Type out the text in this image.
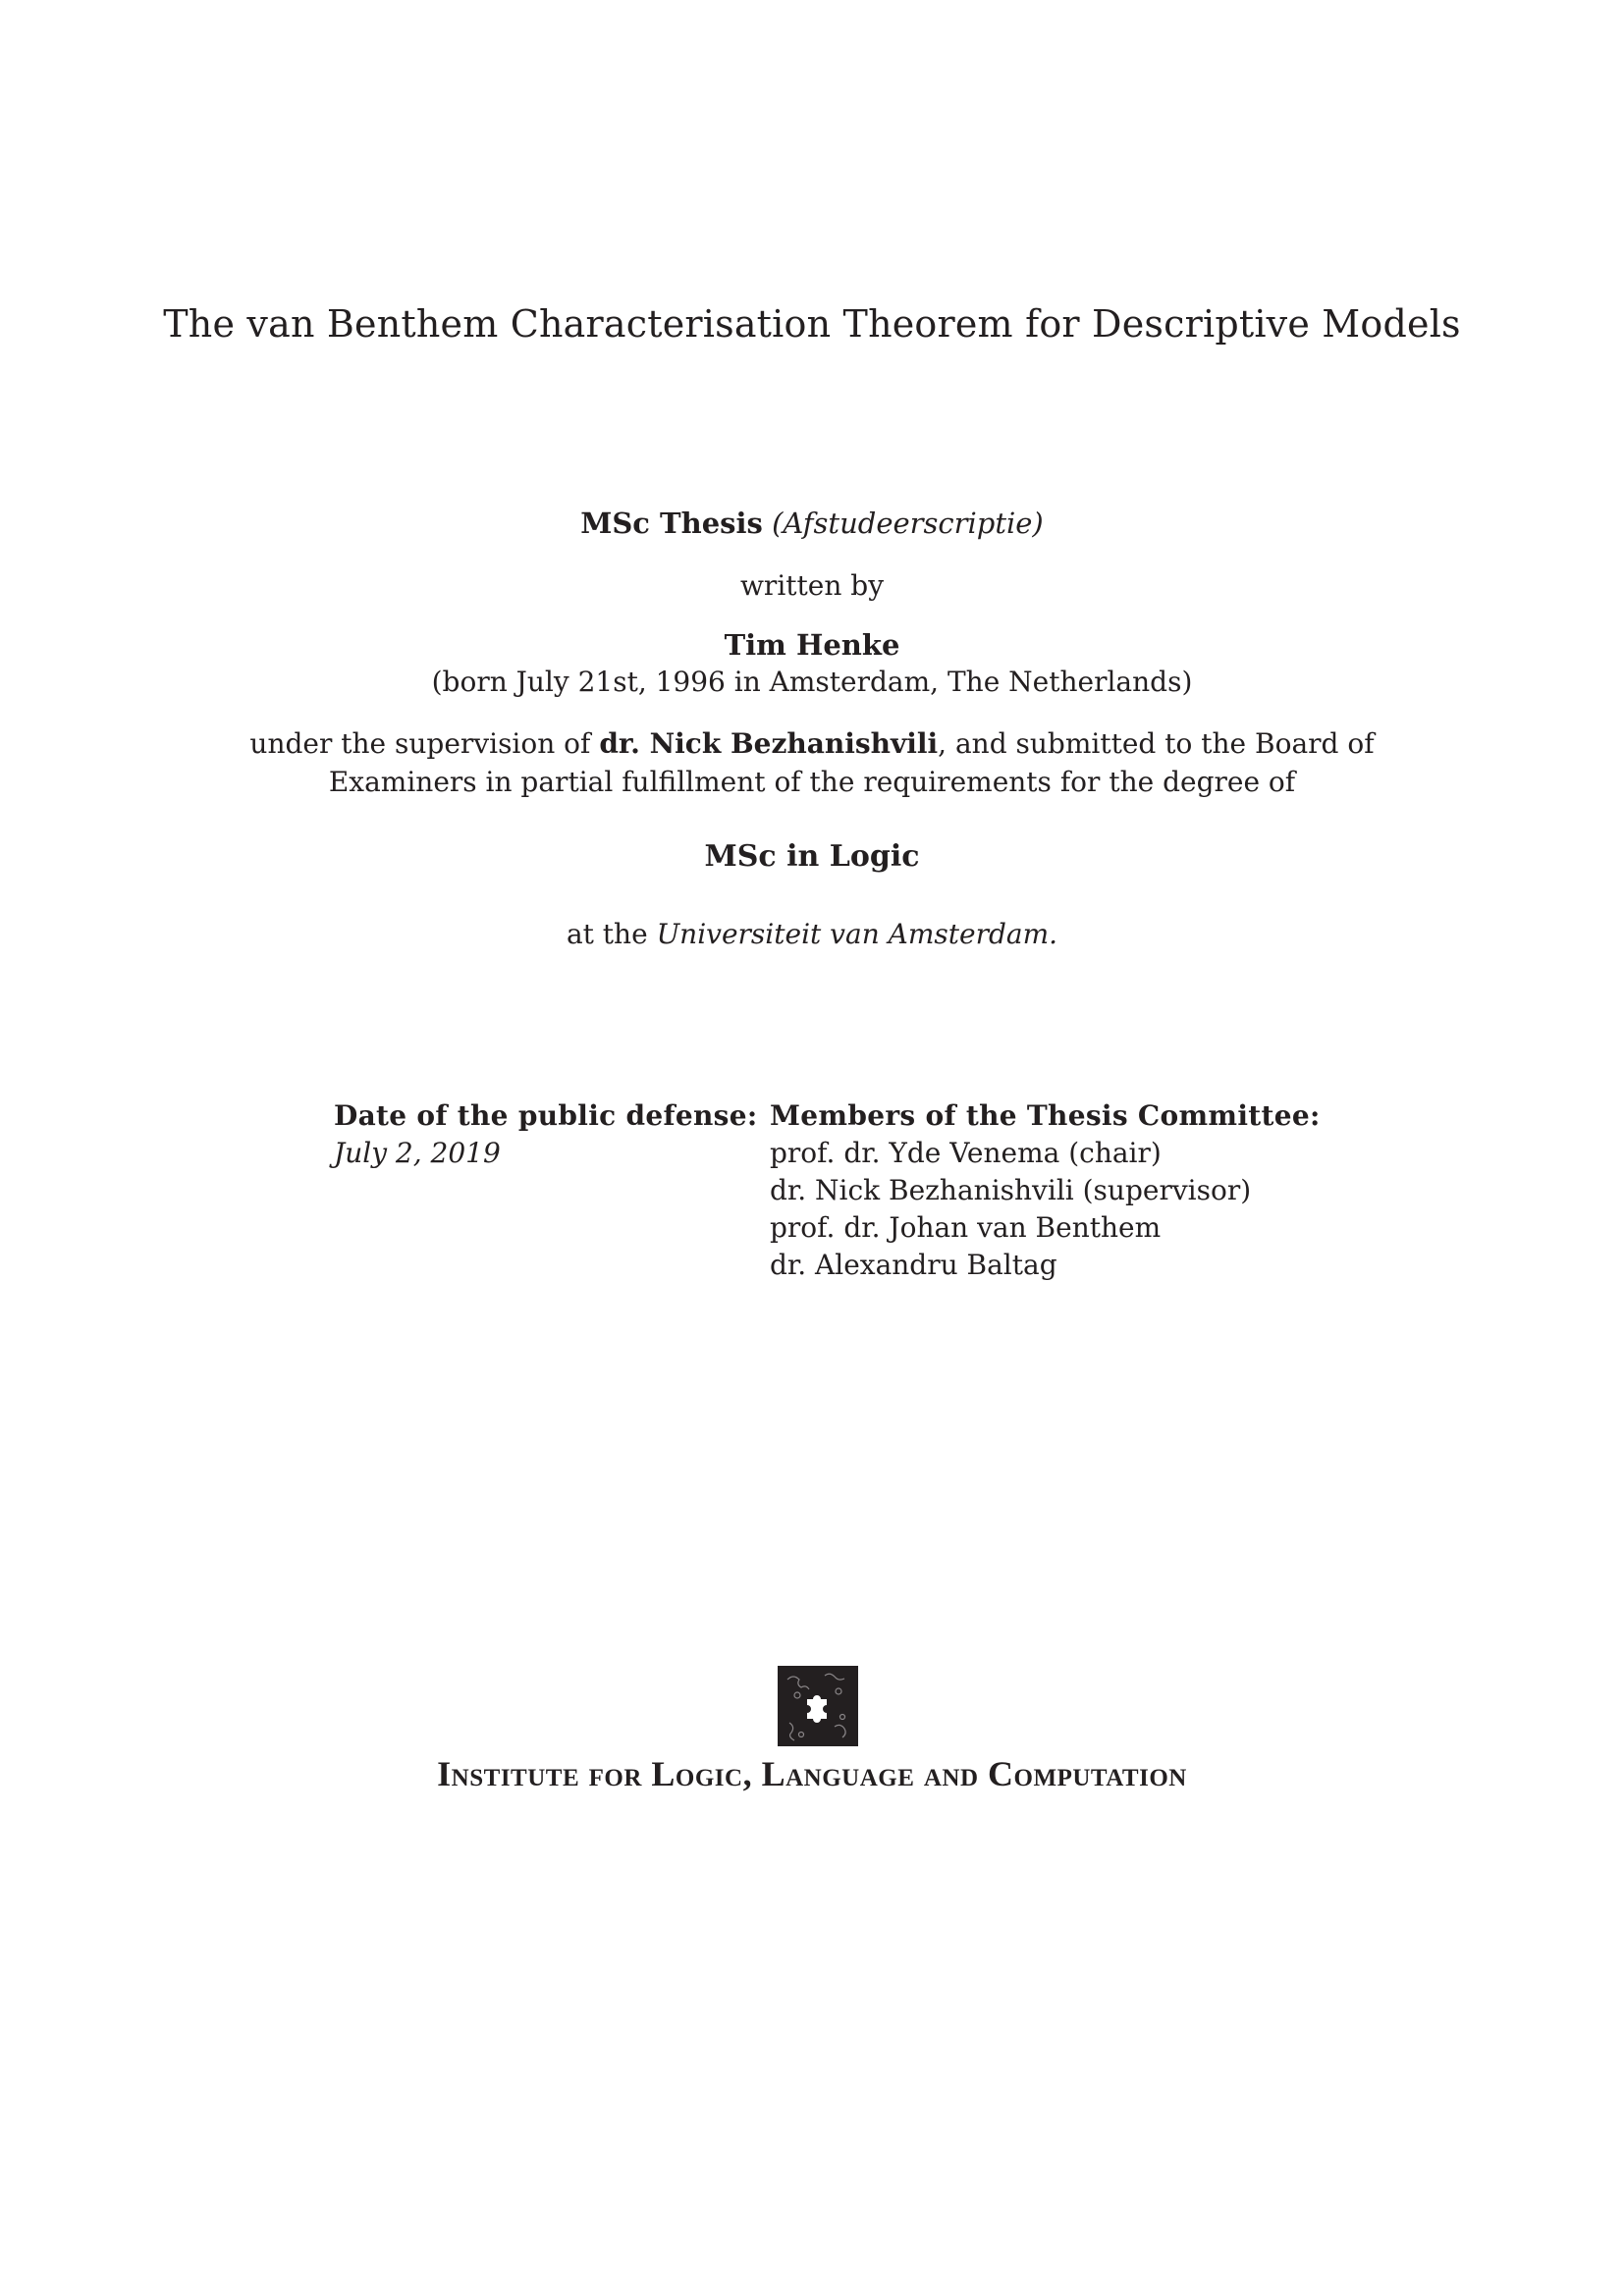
The van Benthem Characterisation Theorem for Descriptive Models
MSc Thesis (Afstudeerscriptie)
written by
Tim Henke
(born July 21st, 1996 in Amsterdam, The Netherlands)
under the supervision of dr. Nick Bezhanishvili, and submitted to the Board of
Examiners in partial fulfillment of the requirements for the degree of
MSc in Logic
at the Universiteit van Amsterdam.
Date of the public defense:
July 2, 2019
Members of the Thesis Committee:
prof. dr. Yde Venema (chair)
dr. Nick Bezhanishvili (supervisor)
prof. dr. Johan van Benthem
dr. Alexandru Baltag
Institute for Logic, Language and Computation
